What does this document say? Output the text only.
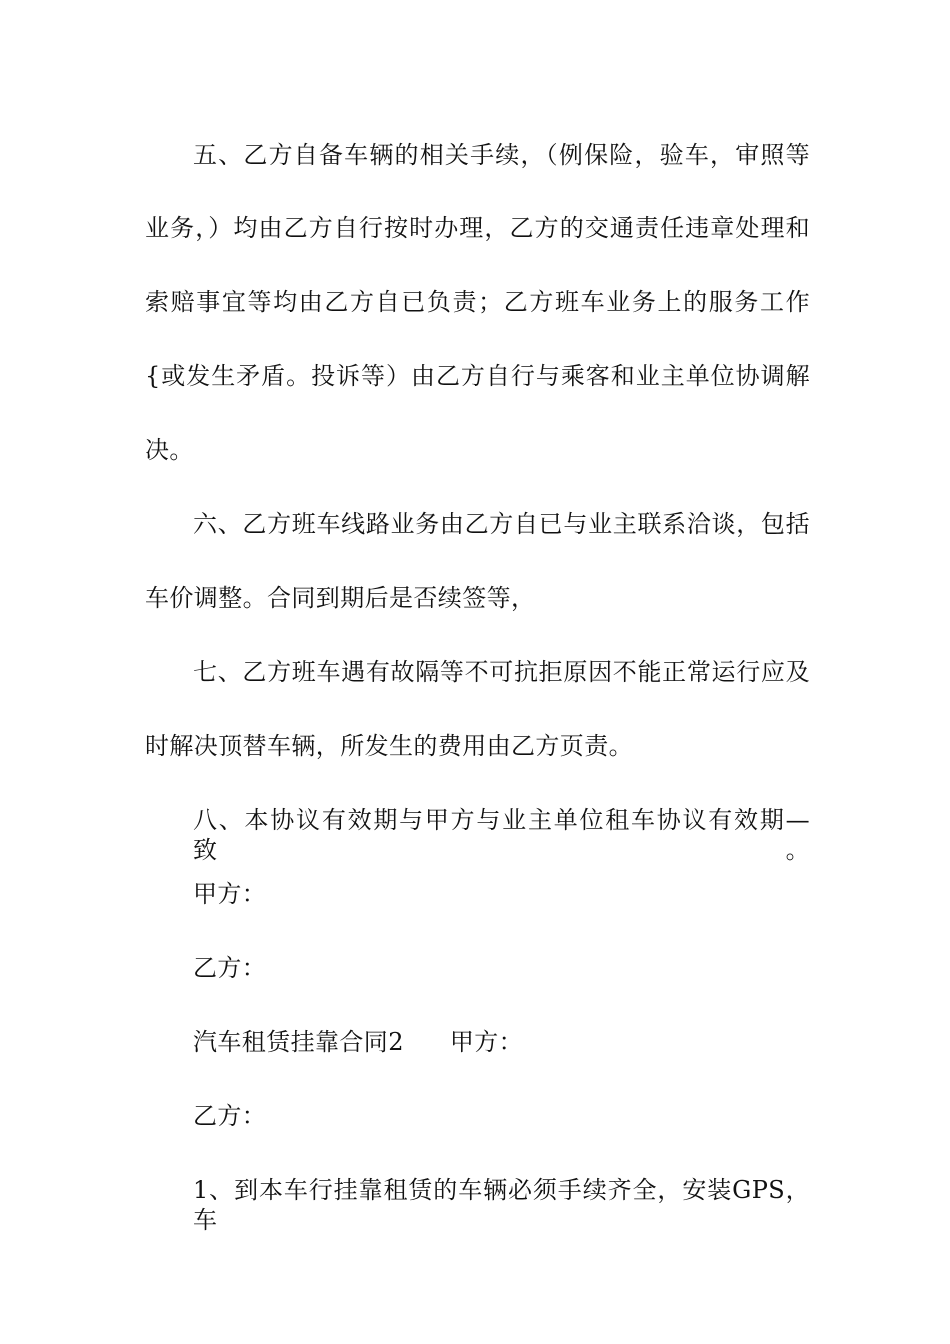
五、乙方自备车辆的相关手续，（例保险，验车，审照等
业务，）均由乙方自行按时办理，乙方的交通责任违章处理和
索赔事宜等均由乙方自已负责；乙方班车业务上的服务工作
{或发生矛盾。投诉等）由乙方自行与乘客和业主单位协调解
决。
六、乙方班车线路业务由乙方自已与业主联系洽谈，包括
车价调整。合同到期后是否续签等，
七、乙方班车遇有故隔等不可抗拒原因不能正常运行应及
时解决顶替车辆，所发生的费用由乙方页责。
八、本协议有效期与甲方与业主单位租车协议有效期—致。
甲方：
乙方：
汽车租赁挂靠合同2 甲方：
乙方：
1、到本车行挂靠租赁的车辆必须手续齐全，安装GPS，车
